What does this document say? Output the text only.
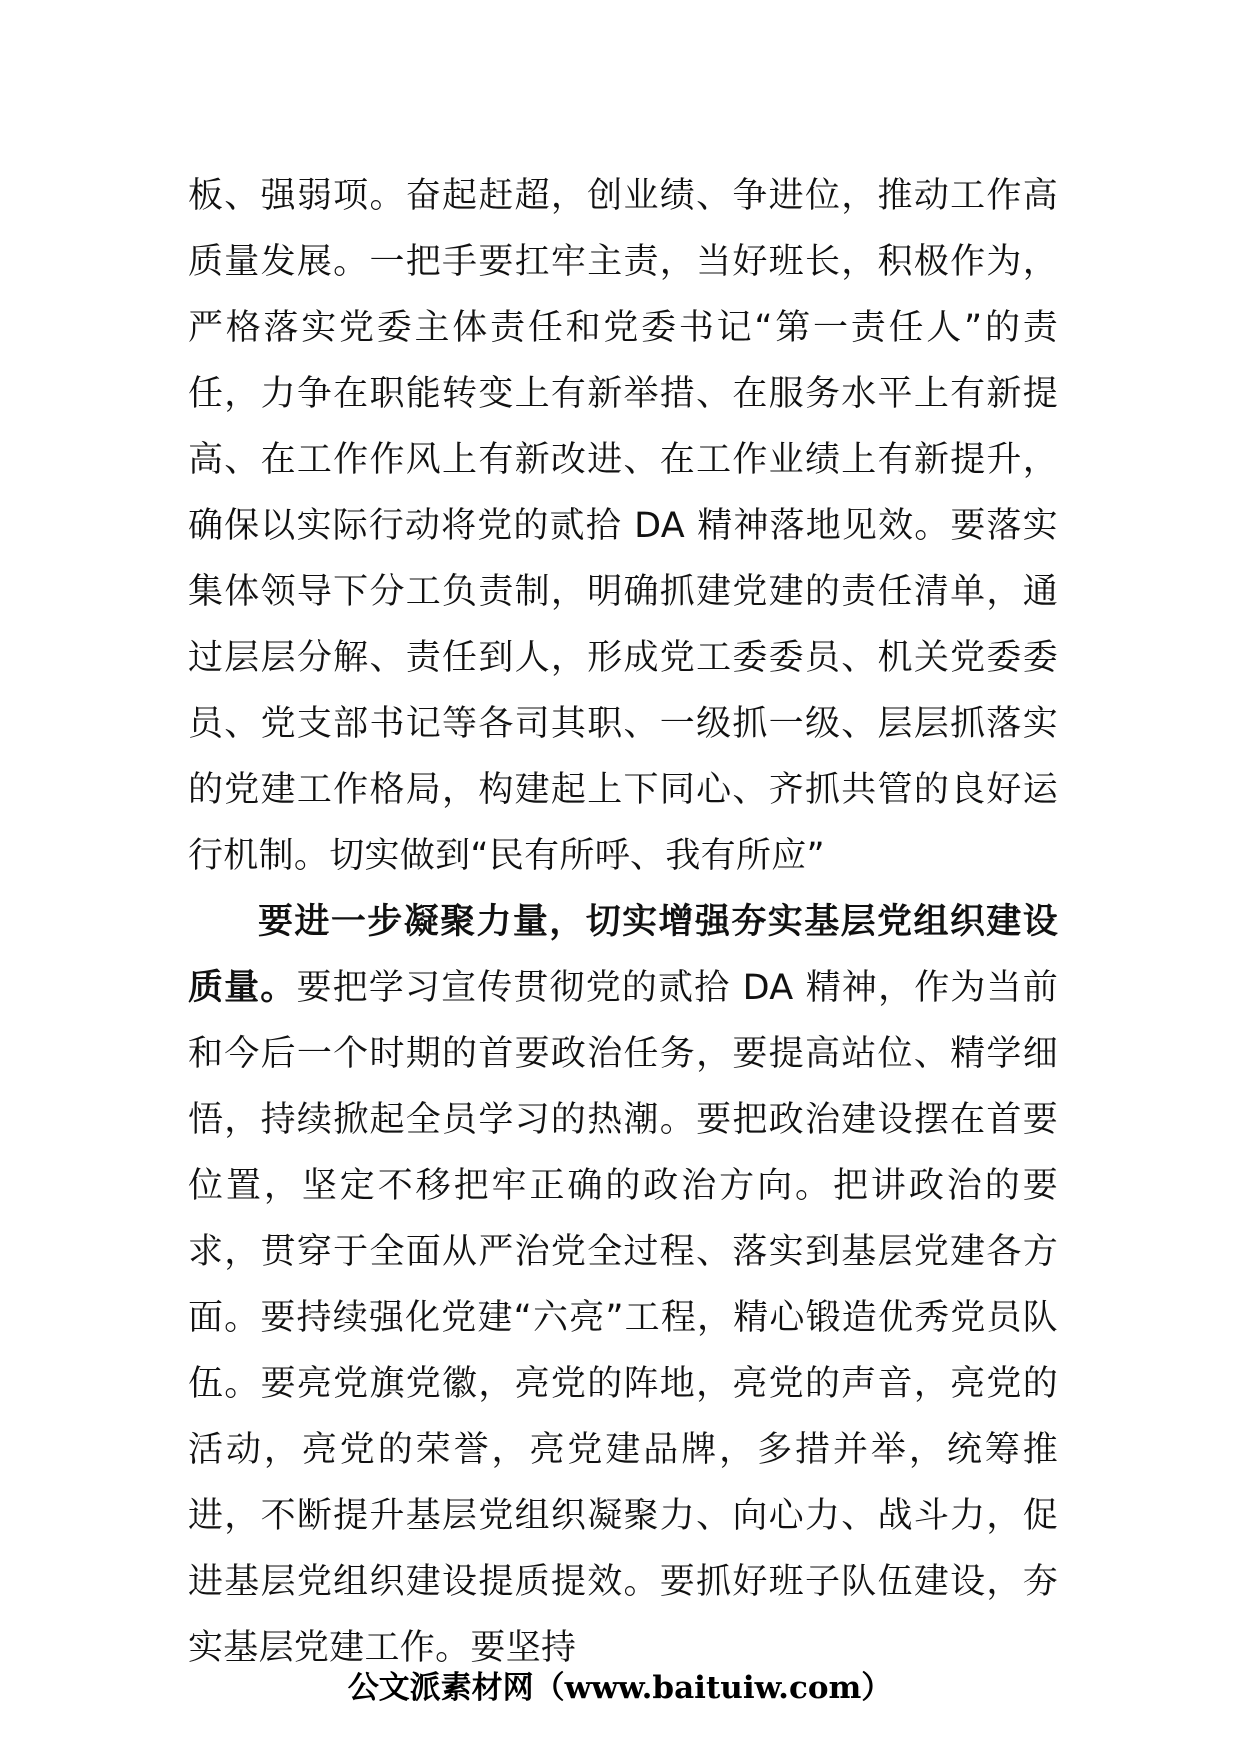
板、强弱项。奋起赶超，创业绩、争进位，推动工作高质量发展。一把手要扛牢主责，当好班长，积极作为，严格落实党委主体责任和党委书记“第一责任人”的责任，力争在职能转变上有新举措、在服务水平上有新提高、在工作作风上有新改进、在工作业绩上有新提升，确保以实际行动将党的贰拾 DA 精神落地见效。要落实集体领导下分工负责制，明确抓建党建的责任清单，通过层层分解、责任到人，形成党工委委员、机关党委委员、党支部书记等各司其职、一级抓一级、层层抓落实的党建工作格局，构建起上下同心、齐抓共管的良好运行机制。切实做到“民有所呼、我有所应”

要进一步凝聚力量，切实增强夯实基层党组织建设质量。要把学习宣传贯彻党的贰拾 DA 精神，作为当前和今后一个时期的首要政治任务，要提高站位、精学细悟，持续掀起全员学习的热潮。要把政治建设摆在首要位置，坚定不移把牢正确的政治方向。把讲政治的要求，贯穿于全面从严治党全过程、落实到基层党建各方面。要持续强化党建“六亮”工程，精心锻造优秀党员队伍。要亮党旗党徽，亮党的阵地，亮党的声音，亮党的活动，亮党的荣誉，亮党建品牌，多措并举，统筹推进，不断提升基层党组织凝聚力、向心力、战斗力，促进基层党组织建设提质提效。要抓好班子队伍建设，夯实基层党建工作。要坚持

公文派素材网（www.baituiw.com）
